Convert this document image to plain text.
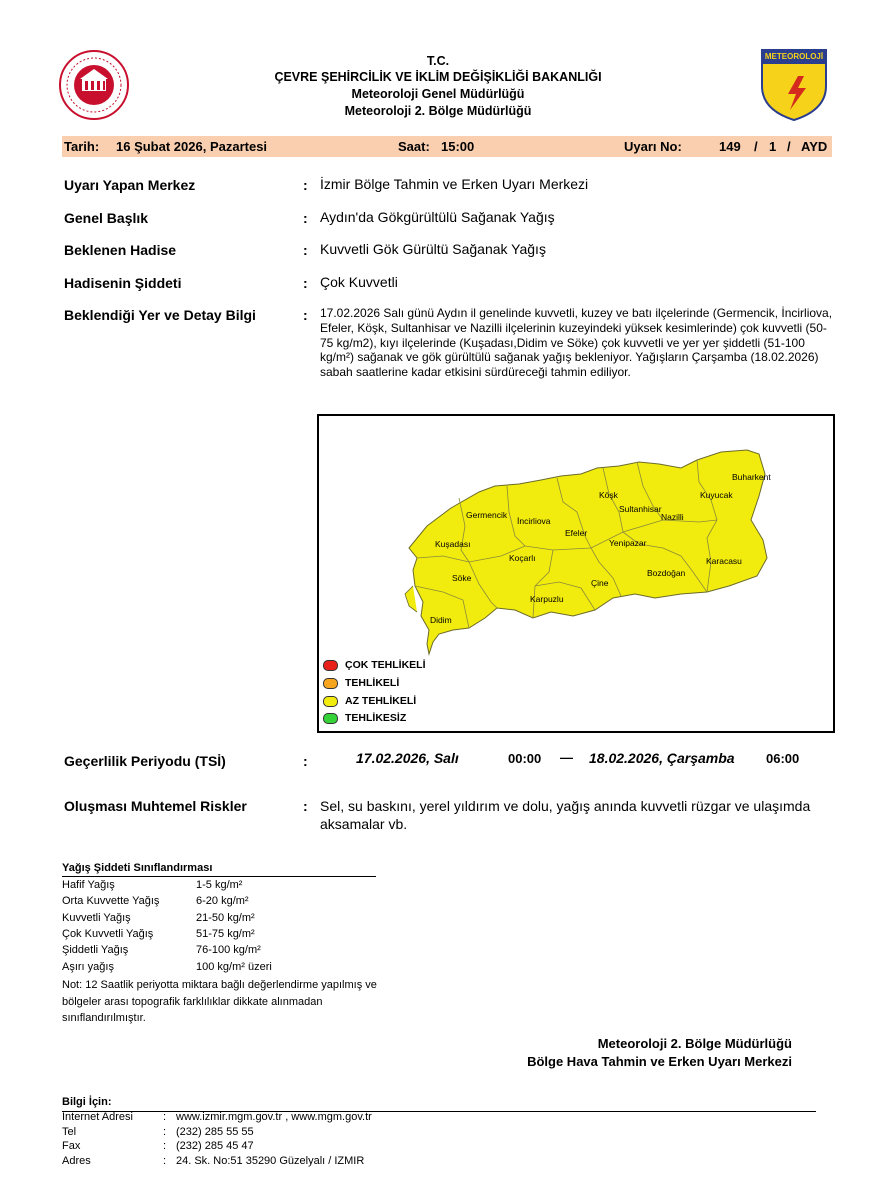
T.C.
ÇEVRE ŞEHİRCİLİK VE İKLİM DEĞİŞİKLİĞİ BAKANLIĞI
Meteoroloji Genel Müdürlüğü
Meteoroloji 2. Bölge Müdürlüğü
METEOROLOJİ
Tarih: 16 Şubat 2026, Pazartesi	Saat: 15:00	Uyarı No:	149 / 1 / AYD
Uyarı Yapan Merkez	: İzmir Bölge Tahmin ve Erken Uyarı Merkezi
Genel Başlık	: Aydın'da Gökgürültülü Sağanak Yağış
Beklenen Hadise	: Kuvvetli Gök Gürültü Sağanak Yağış
Hadisenin Şiddeti	: Çok Kuvvetli
Beklendiği Yer ve Detay Bilgi	: 17.02.2026 Salı günü Aydın il genelinde kuvvetli, kuzey ve batı ilçelerinde (Germencik, İncirliova, Efeler, Köşk, Sultanhisar ve Nazilli ilçelerinin kuzeyindeki yüksek kesimlerinde) çok kuvvetli (50-75 kg/m2), kıyı ilçelerinde (Kuşadası,Didim ve Söke) çok kuvvetli ve yer yer şiddetli (51-100 kg/m²) sağanak ve gök gürültülü sağanak yağış bekleniyor. Yağışların Çarşamba (18.02.2026) sabah saatlerine kadar etkisini sürdüreceği tahmin ediliyor.
Buharkent
Kuyucak
Köşk
Sultanhisar
Nazilli
Germencik
İncirliova
Efeler
Yenipazar
Kuşadası
Koçarlı	Karacasu
Söke	Çine
Bozdoğan
Karpuzlu
Didim
ÇOK TEHLİKELİ
TEHLİKELİ
AZ TEHLİKELİ
TEHLİKESİZ
Geçerlilik Periyodu (TSİ)	:	17.02.2026, Salı	00:00 — 18.02.2026, Çarşamba 06:00
Oluşması Muhtemel Riskler	: Sel, su baskını, yerel yıldırım ve dolu, yağış anında kuvvetli rüzgar ve ulaşımda aksamalar vb.
Yağış Şiddeti Sınıflandırması
Hafif Yağış	1-5 kg/m²
Orta Kuvvette Yağış	6-20 kg/m²
Kuvvetli Yağış	21-50 kg/m²
Çok Kuvvetli Yağış	51-75 kg/m²
Şiddetli Yağış	76-100 kg/m²
Aşırı yağış	100 kg/m² üzeri
Not: 12 Saatlik periyotta miktara bağlı değerlendirme yapılmış ve bölgeler arası topografik farklılıklar dikkate alınmadan sınıflandırılmıştır.
Meteoroloji 2. Bölge Müdürlüğü
Bölge Hava Tahmin ve Erken Uyarı Merkezi
Bilgi İçin:
Internet Adresi	: www.izmir.mgm.gov.tr , www.mgm.gov.tr
Tel	: (232) 285 55 55
Fax	: (232) 285 45 47
Adres	: 24. Sk. No:51 35290 Güzelyalı / IZMIR
